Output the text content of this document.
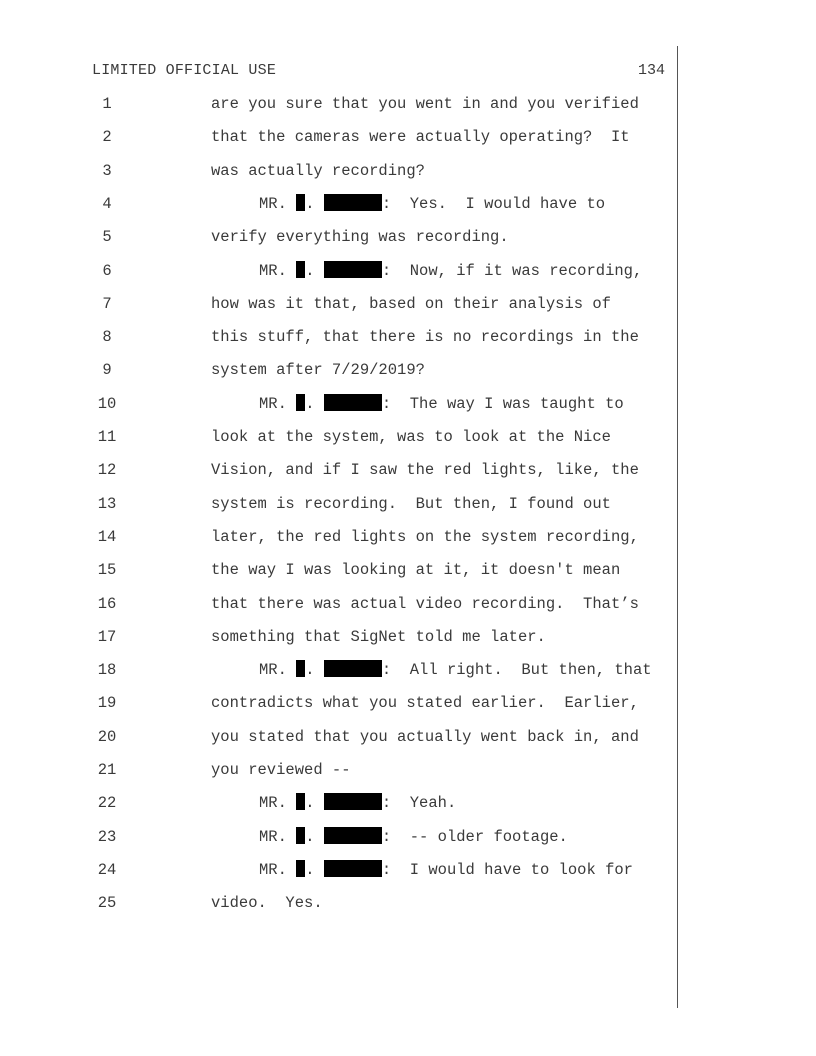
LIMITED OFFICIAL USE	134
1	are you sure that you went in and you verified
2	that the cameras were actually operating?  It
3	was actually recording?
4	MR. .	:  Yes.  I would have to
5	verify everything was recording.
6	MR. .	:  Now, if it was recording,
7	how was it that, based on their analysis of
8	this stuff, that there is no recordings in the
9	system after 7/29/2019?
10	MR. .	:  The way I was taught to
11	look at the system, was to look at the Nice
12	Vision, and if I saw the red lights, like, the
13	system is recording.  But then, I found out
14	later, the red lights on the system recording,
15	the way I was looking at it, it doesn't mean
16	that there was actual video recording.  That’s
17	something that SigNet told me later.
18	MR. .	:  All right.  But then, that
19	contradicts what you stated earlier.  Earlier,
20	you stated that you actually went back in, and
21	you reviewed --
22	MR. .	:  Yeah.
23	MR. .	:  -- older footage.
24	MR. .	:  I would have to look for
25	video.  Yes.
